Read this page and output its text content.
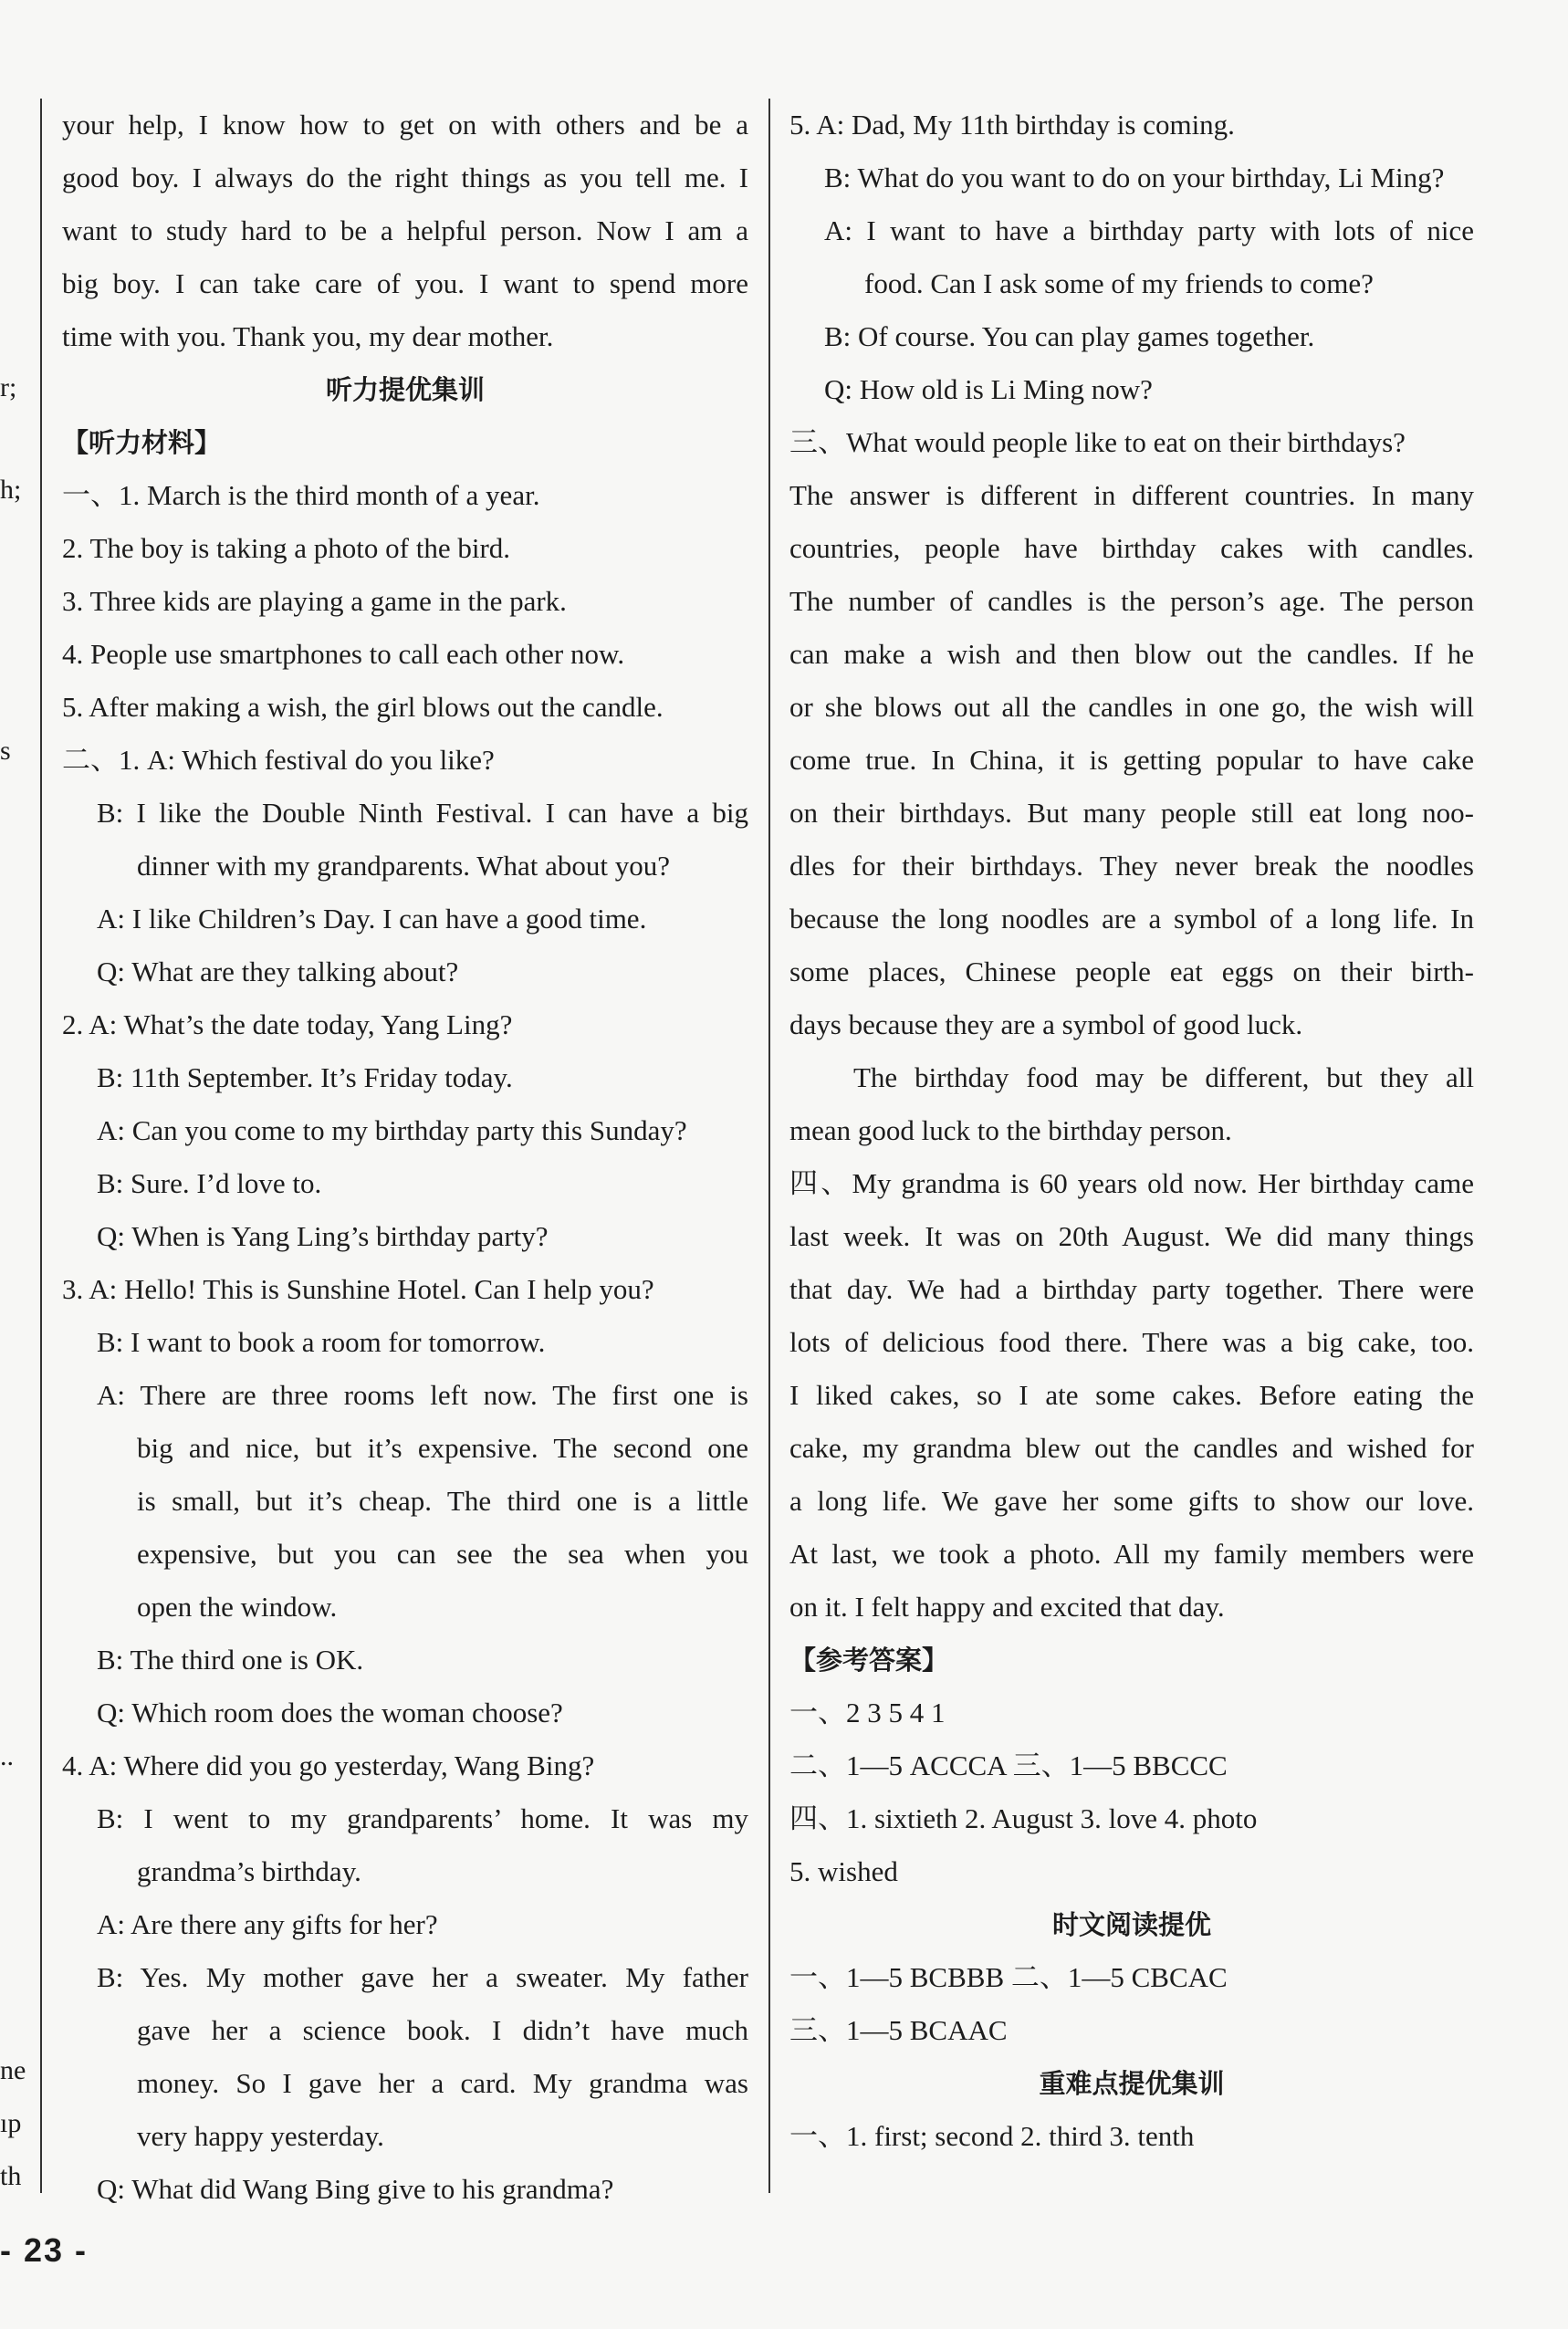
r;
h;
s
..
ne
ıp
th

your help, I know how to get on with others and be a

good boy. I always do the right things as you tell me. I

want to study hard to be a helpful person. Now I am a

big boy. I can take care of you. I want to spend more

time with you. Thank you, my dear mother.

听力提优集训

【听力材料】

一、1. March is the third month of a year.

2. The boy is taking a photo of the bird.

3. Three kids are playing a game in the park.

4. People use smartphones to call each other now.

5. After making a wish, the girl blows out the candle.

二、1. A: Which festival do you like?

B: I like the Double Ninth Festival. I can have a big

dinner with my grandparents. What about you?

A: I like Children’s Day. I can have a good time.

Q: What are they talking about?

2. A: What’s the date today, Yang Ling?

B: 11th September. It’s Friday today.

A: Can you come to my birthday party this Sunday?

B: Sure. I’d love to.

Q: When is Yang Ling’s birthday party?

3. A: Hello! This is Sunshine Hotel. Can I help you?

B: I want to book a room for tomorrow.

A: There are three rooms left now. The first one is

big and nice, but it’s expensive. The second one

is small, but it’s cheap. The third one is a little

expensive, but you can see the sea when you

open the window.

B: The third one is OK.

Q: Which room does the woman choose?

4. A: Where did you go yesterday, Wang Bing?

B: I went to my grandparents’ home. It was my

grandma’s birthday.

A: Are there any gifts for her?

B: Yes. My mother gave her a sweater. My father

gave her a science book. I didn’t have much

money. So I gave her a card. My grandma was

very happy yesterday.

Q: What did Wang Bing give to his grandma?

5. A: Dad, My 11th birthday is coming.

B: What do you want to do on your birthday, Li Ming?

A: I want to have a birthday party with lots of nice

food. Can I ask some of my friends to come?

B: Of course. You can play games together.

Q: How old is Li Ming now?

三、What would people like to eat on their birthdays?

The answer is different in different countries. In many

countries, people have birthday cakes with candles.

The number of candles is the person’s age. The person

can make a wish and then blow out the candles. If he

or she blows out all the candles in one go, the wish will

come true. In China, it is getting popular to have cake

on their birthdays. But many people still eat long noo-

dles for their birthdays. They never break the noodles

because the long noodles are a symbol of a long life. In

some places, Chinese people eat eggs on their birth-

days because they are a symbol of good luck.

The birthday food may be different, but they all

mean good luck to the birthday person.

四、My grandma is 60 years old now. Her birthday came

last week. It was on 20th August. We did many things

that day. We had a birthday party together. There were

lots of delicious food there. There was a big cake, too.

I liked cakes, so I ate some cakes. Before eating the

cake, my grandma blew out the candles and wished for

a long life. We gave her some gifts to show our love.

At last, we took a photo. All my family members were

on it. I felt happy and excited that day.

【参考答案】

一、2 3 5 4 1

二、1—5 ACCCA 三、1—5 BBCCC

四、1. sixtieth 2. August 3. love 4. photo

5. wished

时文阅读提优

一、1—5 BCBBB 二、1—5 CBCAC

三、1—5 BCAAC

重难点提优集训

一、1. first; second 2. third 3. tenth

- 23 -
